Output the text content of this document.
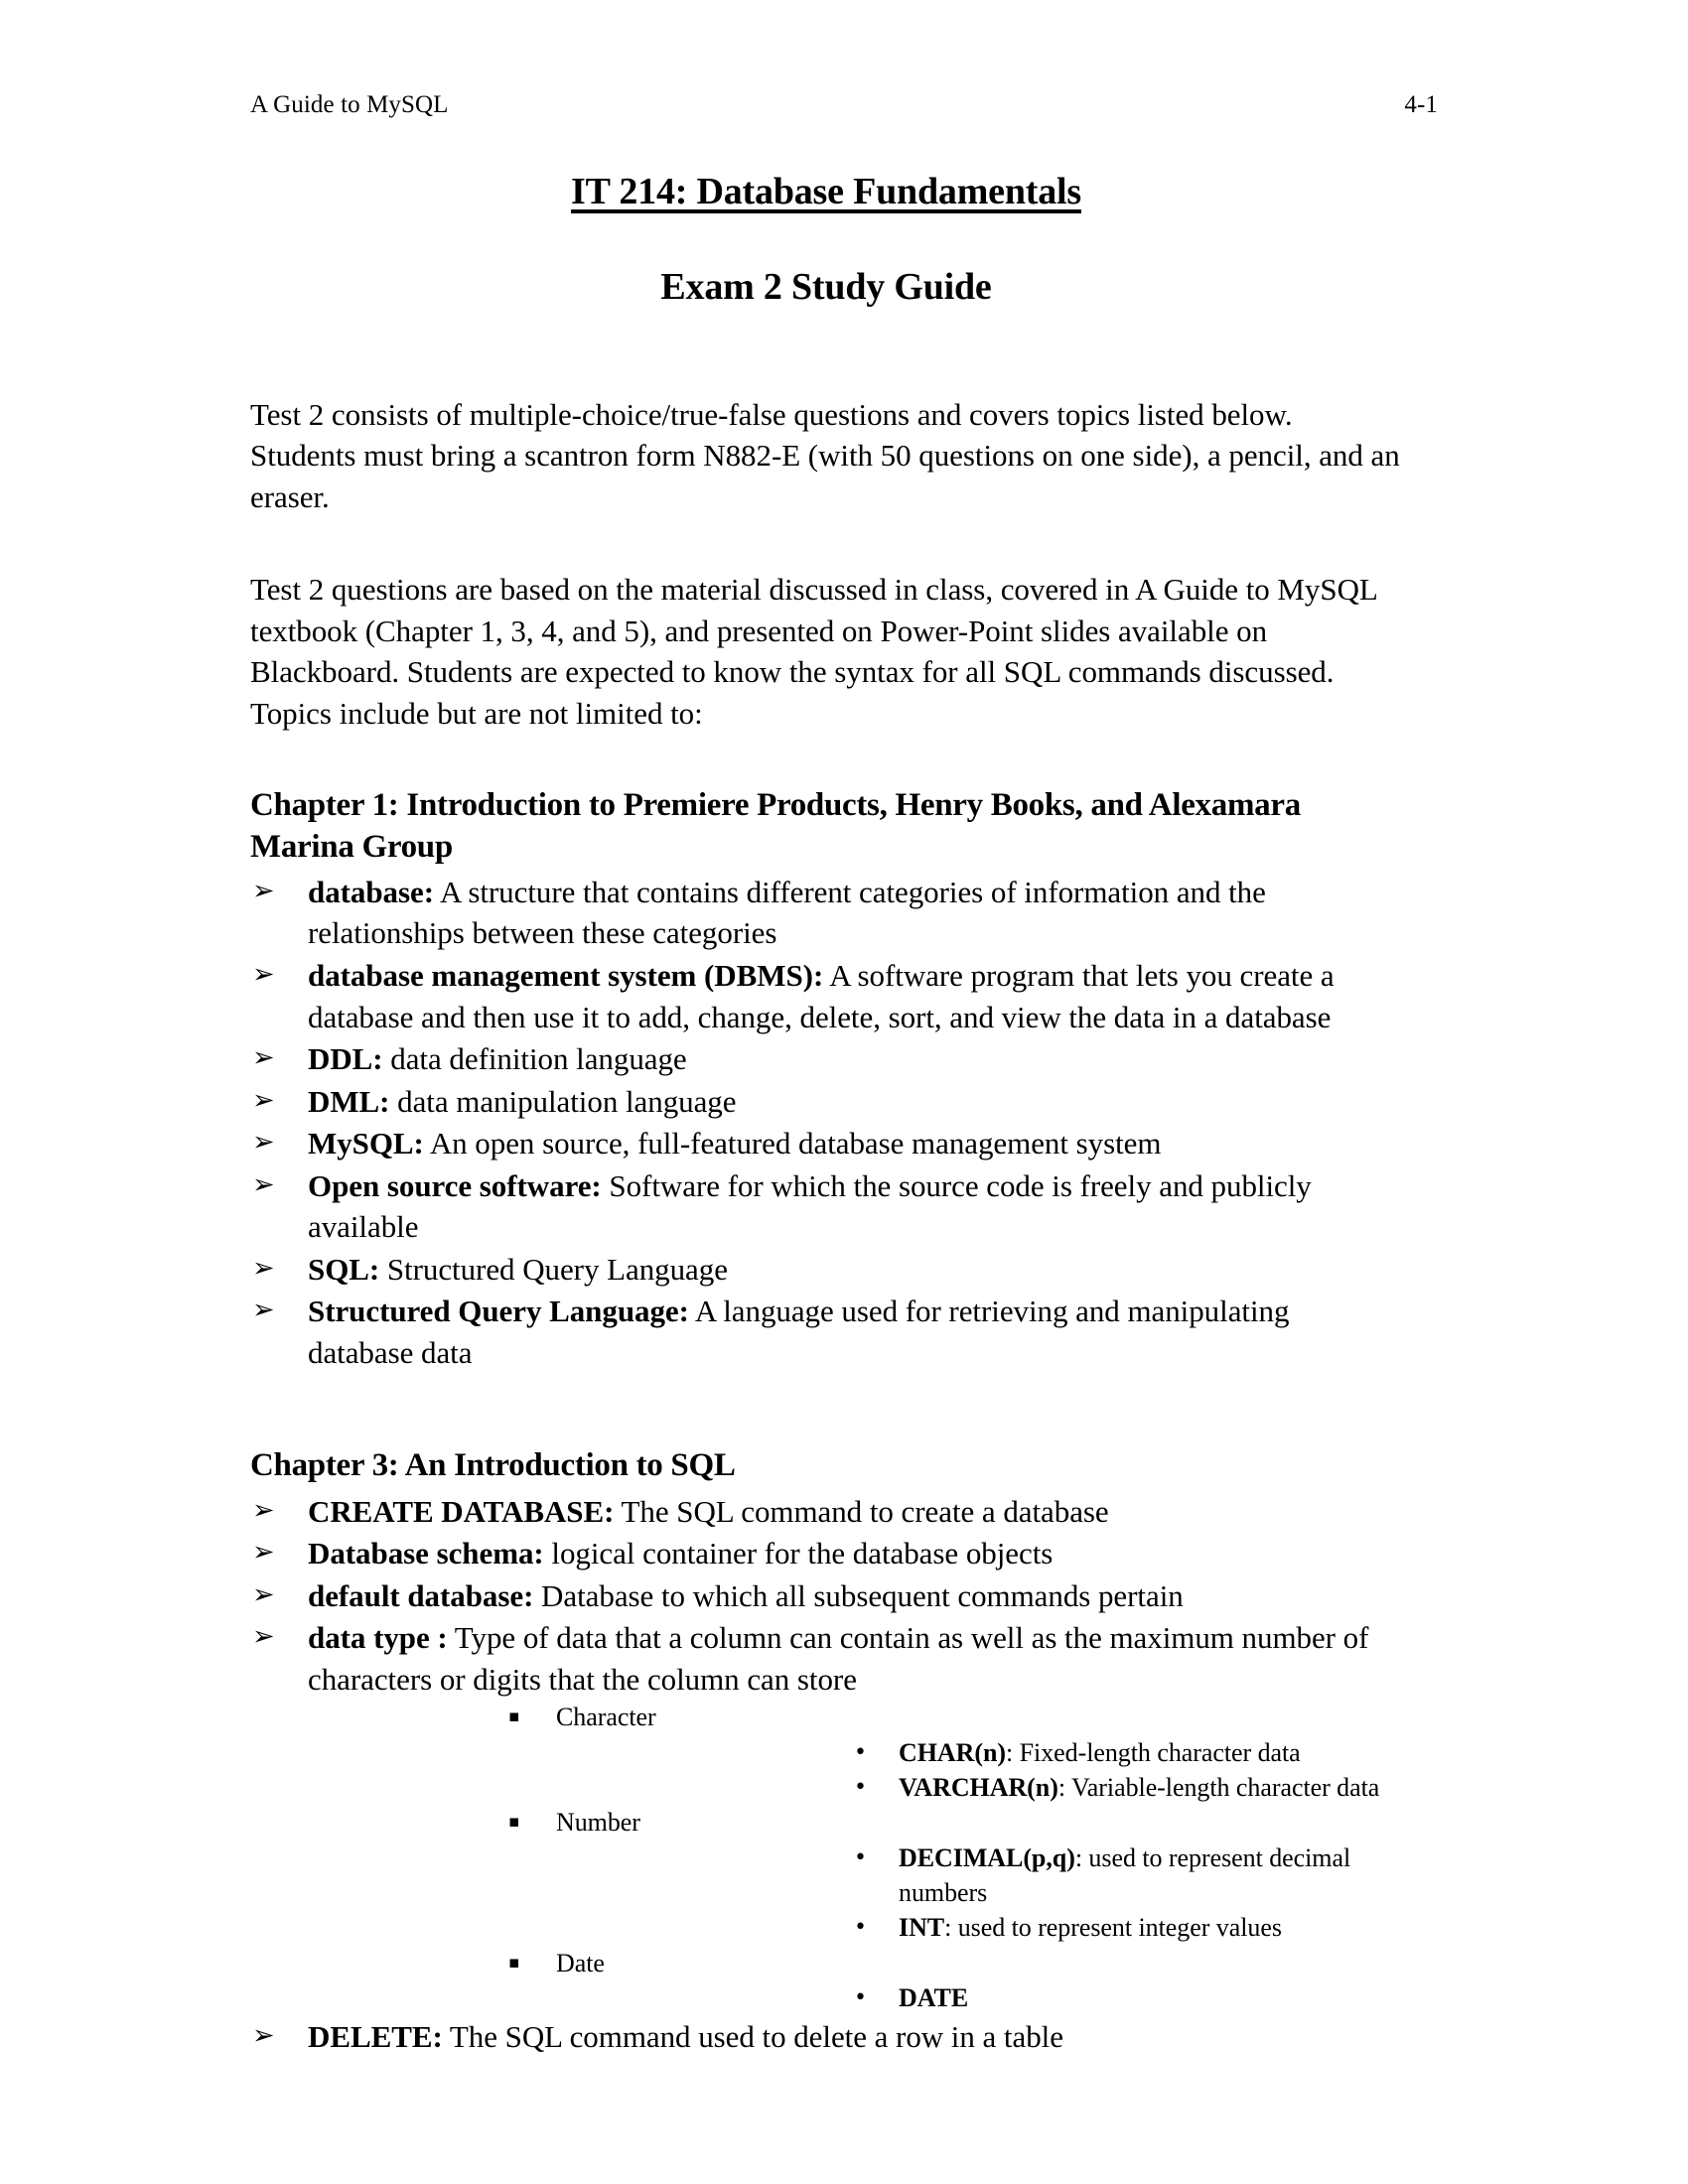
A Guide to MySQL	4-1
IT 214: Database Fundamentals
Exam 2 Study Guide

Test 2 consists of multiple-choice/true-false questions and covers topics listed below. Students must bring a scantron form N882-E (with 50 questions on one side), a pencil, and an eraser.

Test 2 questions are based on the material discussed in class, covered in A Guide to MySQL textbook (Chapter 1, 3, 4, and 5), and presented on Power-Point slides available on Blackboard. Students are expected to know the syntax for all SQL commands discussed. Topics include but are not limited to:

Chapter 1: Introduction to Premiere Products, Henry Books, and Alexamara Marina Group
➢ database: A structure that contains different categories of information and the relationships between these categories
➢ database management system (DBMS): A software program that lets you create a database and then use it to add, change, delete, sort, and view the data in a database
➢ DDL: data definition language
➢ DML: data manipulation language
➢ MySQL: An open source, full-featured database management system
➢ Open source software: Software for which the source code is freely and publicly available
➢ SQL: Structured Query Language
➢ Structured Query Language: A language used for retrieving and manipulating database data
Chapter 3: An Introduction to SQL
➢ CREATE DATABASE: The SQL command to create a database
➢ Database schema: logical container for the database objects
➢ default database: Database to which all subsequent commands pertain
➢ data type : Type of data that a column can contain as well as the maximum number of characters or digits that the column can store
▪ Character
• CHAR(n): Fixed-length character data
• VARCHAR(n): Variable-length character data
▪ Number
• DECIMAL(p,q): used to represent decimal numbers
• INT: used to represent integer values
▪ Date
• DATE
➢ DELETE: The SQL command used to delete a row in a table
